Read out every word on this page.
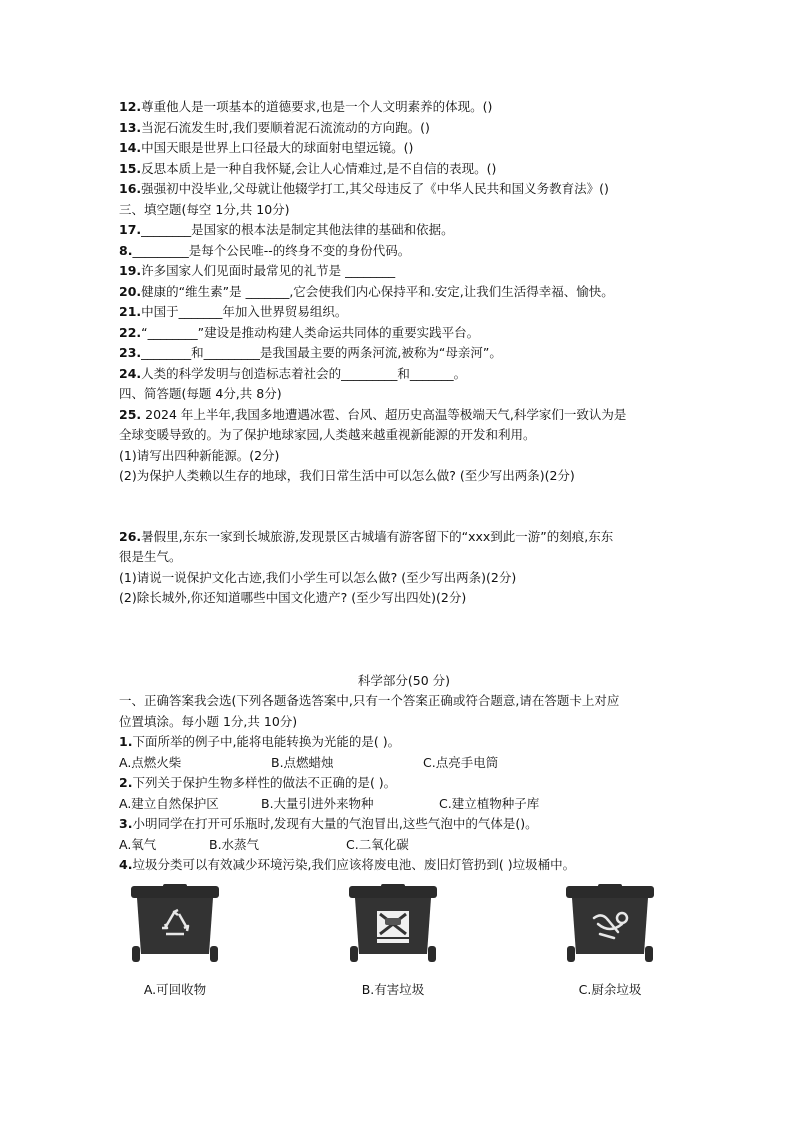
12.尊重他人是一项基本的道德要求,也是一个人文明素养的体现。()
13.当泥石流发生时,我们要顺着泥石流流动的方向跑。()
14.中国天眼是世界上口径最大的球面射电望远镜。()
15.反思本质上是一种自我怀疑,会让人心情难过,是不自信的表现。()
16.强强初中没毕业,父母就让他辍学打工,其父母违反了《中华人民共和国义务教育法》()
三、填空题(每空 1分,共 10分)
17.________是国家的根本法是制定其他法律的基础和依据。
8._________是每个公民唯--的终身不变的身份代码。
19.许多国家人们见面时最常见的礼节是 ________
20.健康的“维生素”是 _______,它会使我们内心保持平和.安定,让我们生活得幸福、愉快。
21.中国于_______年加入世界贸易组织。
22.“________”建设是推动构建人类命运共同体的重要实践平台。
23.________和_________是我国最主要的两条河流,被称为“母亲河”。
24.人类的科学发明与创造标志着社会的_________和_______。
四、简答题(每题 4分,共 8分)
25. 2024 年上半年,我国多地遭遇冰雹、台风、超历史高温等极端天气,科学家们一致认为是
全球变暖导致的。为了保护地球家园,人类越来越重视新能源的开发和利用。
(1)请写出四种新能源。(2分)
(2)为保护人类赖以生存的地球，我们日常生活中可以怎么做? (至少写出两条)(2分)
26.暑假里,东东一家到长城旅游,发现景区古城墙有游客留下的“xxx到此一游”的刻痕,东东
很是生气。
(1)请说一说保护文化古迹,我们小学生可以怎么做? (至少写出两条)(2分)
(2)除长城外,你还知道哪些中国文化遗产? (至少写出四处)(2分)
科学部分(50 分)
一、正确答案我会选(下列各题备选答案中,只有一个答案正确或符合题意,请在答题卡上对应
位置填涂。每小题 1分,共 10分)
1.下面所举的例子中,能将电能转换为光能的是( )。
A.点燃火柴	B.点燃蜡烛	C.点亮手电筒
2.下列关于保护生物多样性的做法不正确的是( )。
A.建立自然保护区	B.大量引进外来物种	C.建立植物种子库
3.小明同学在打开可乐瓶时,发现有大量的气泡冒出,这些气泡中的气体是()。
A.氧气	B.水蒸气	C.二氧化碳
4.垃圾分类可以有效减少环境污染,我们应该将废电池、废旧灯管扔到( )垃圾桶中。
A.可回收物	B.有害垃圾	C.厨余垃圾
